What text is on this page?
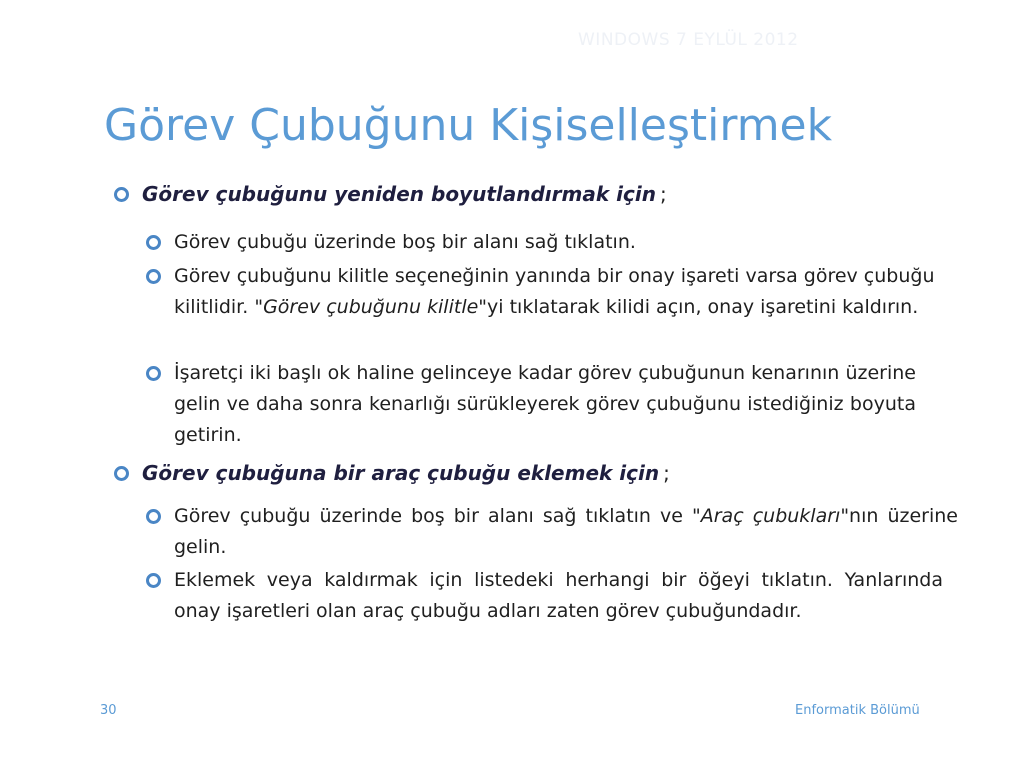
WINDOWS 7 EYLÜL 2012
Görev Çubuğunu Kişiselleştirmek
Görev çubuğunu yeniden boyutlandırmak için ;
Görev çubuğu üzerinde boş bir alanı sağ tıklatın.
Görev çubuğunu kilitle seçeneğinin yanında bir onay işareti varsa görev çubuğu kilitlidir. "Görev çubuğunu kilitle"yi tıklatarak kilidi açın, onay işaretini kaldırın.
İşaretçi iki başlı ok haline gelinceye kadar görev çubuğunun kenarının üzerine gelin ve daha sonra kenarlığı sürükleyerek görev çubuğunu istediğiniz boyuta getirin.
Görev çubuğuna bir araç çubuğu eklemek için ;
Görev çubuğu üzerinde boş bir alanı sağ tıklatın ve "Araç çubukları"nın üzerine gelin.
Eklemek veya kaldırmak için listedeki herhangi bir öğeyi tıklatın. Yanlarında onay işaretleri olan araç çubuğu adları zaten görev çubuğundadır.
30	Enformatik Bölümü
